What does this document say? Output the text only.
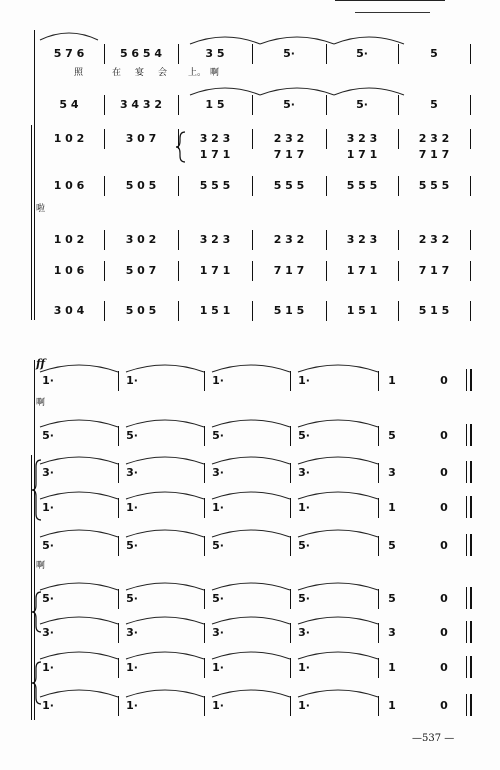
照	在 宴 会 上。 啊
啦
ff
啊
啊
—537 —
5 7 6	5 6 5 4	3 5	5·	5·	5
5 4	3 4 3 2	1 5	5·	5·	5
1 0 2	3 0 7	3 2 3	2 3 2	3 2 3	2 3 2
1 7 1	7 1 7	1 7 1	7 1 7
1 0 6	5 0 5	5 5 5	5 5 5	5 5 5	5 5 5
1 0 2	3 0 2	3 2 3	2 3 2	3 2 3	2 3 2
1 0 6	5 0 7	1 7 1	7 1 7	1 7 1	7 1 7
3 0 4	5 0 5	1 5 1	5 1 5	1 5 1	5 1 5
1·	1·	1·	1·	1	0
5·	5·	5·	5·	5	0
3·	3·	3·	3·	3	0
1·	1·	1·	1·	1	0
5·	5·	5·	5·	5	0
5·	5·	5·	5·	5	0
3·	3·	3·	3·	3	0
1·	1·	1·	1·	1	0
1·	1·	1·	1·	1	0
